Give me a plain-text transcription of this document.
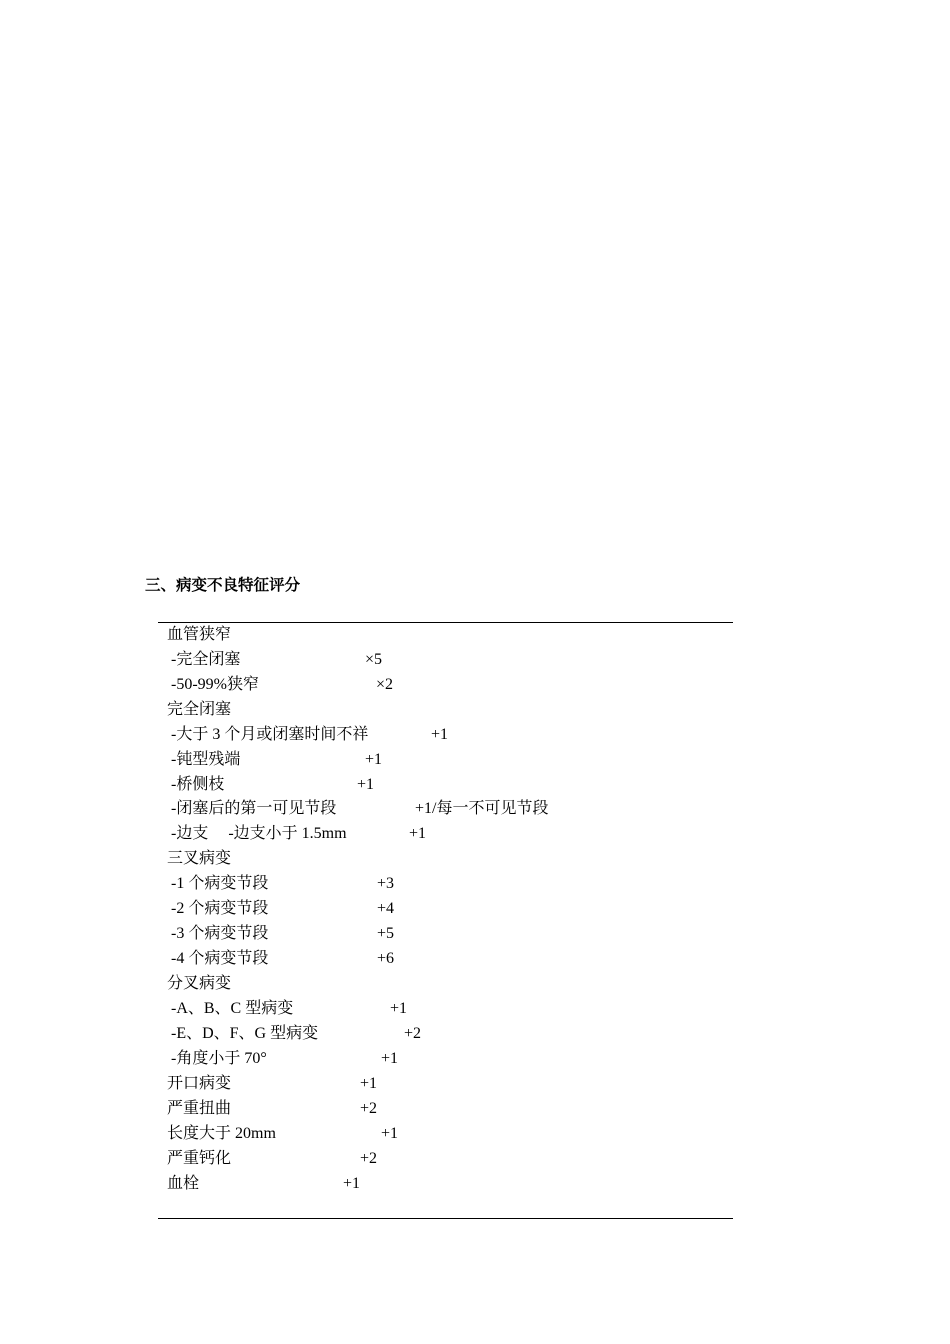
三、病变不良特征评分
血管狭窄
-完全闭塞	×5
-50-99%狭窄	×2
完全闭塞
-大于 3 个月或闭塞时间不祥	+1
-钝型残端	+1
-桥侧枝	+1
-闭塞后的第一可见节段	+1/每一不可见节段
-边支　 -边支小于 1.5mm	+1
三叉病变
-1 个病变节段	+3
-2 个病变节段	+4
-3 个病变节段	+5
-4 个病变节段	+6
分叉病变
-A、B、C 型病变	+1
-E、D、F、G 型病变	+2
-角度小于 70°	+1
开口病变	+1
严重扭曲	+2
长度大于 20mm	+1
严重钙化	+2
血栓	+1
